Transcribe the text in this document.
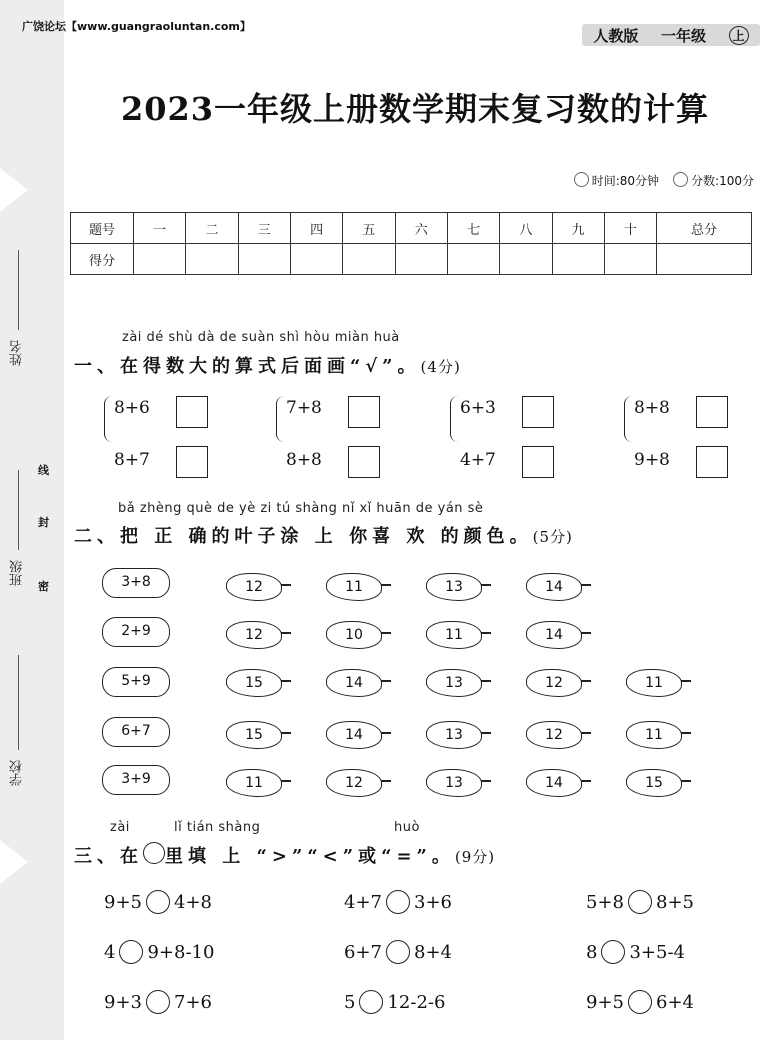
姓名
班级
学校
线
封
密
广饶论坛【www.guangraoluntan.com】	人教版 一年级	上
2023一年级上册数学期末复习数的计算
时间:80分钟	分数:100分
题号	一	二	三	四	五	六	七	八	九	十	总分
得分											
zài dé shù dà de suàn shì hòu miàn huà
一、在得数大的算式后面画“√”。(4分)
8+6
8+7
7+8
8+8
6+3
4+7
8+8
9+8
bǎ zhèng què de yè zi tú shàng nǐ xǐ huān de yán sè
二、把 正 确的叶子涂 上 你喜 欢 的颜色。(5分)
3+8	12	11	13	14
2+9	12	10	11	14
5+9	15	14	13	12	11
6+7	15	14	13	12	11
3+9	11	12	13	14	15
zài	lǐ tián shàng	huò
三、在 里填 上 “>”“<”或“=”。(9分)
9+5 4+8	4+7 3+6	5+8 8+5
4 9+8-10	6+7 8+4	8 3+5-4
9+3 7+6	5 12-2-6	9+5 6+4
